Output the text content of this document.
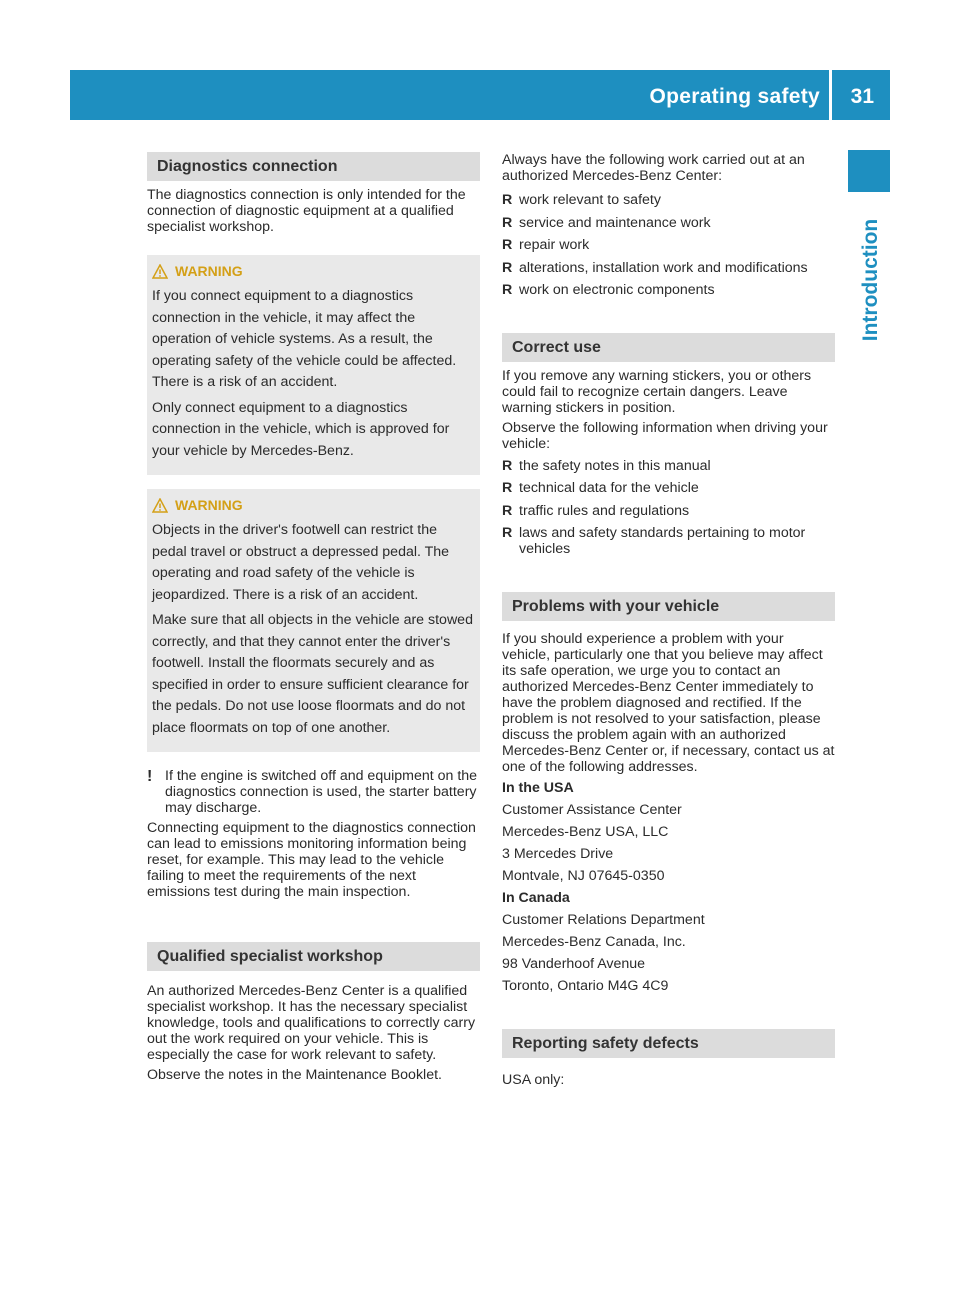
Operating safety 31
Introduction
Diagnostics connection

The diagnostics connection is only intended for the connection of diagnostic equipment at a qualified specialist workshop.

WARNING

If you connect equipment to a diagnostics connection in the vehicle, it may affect the operation of vehicle systems. As a result, the operating safety of the vehicle could be affected. There is a risk of an accident.

Only connect equipment to a diagnostics connection in the vehicle, which is approved for your vehicle by Mercedes-Benz.

WARNING

Objects in the driver's footwell can restrict the pedal travel or obstruct a depressed pedal. The operating and road safety of the vehicle is jeopardized. There is a risk of an accident.

Make sure that all objects in the vehicle are stowed correctly, and that they cannot enter the driver's footwell. Install the floormats securely and as specified in order to ensure sufficient clearance for the pedals. Do not use loose floormats and do not place floormats on top of one another.

! If the engine is switched off and equipment on the diagnostics connection is used, the starter battery may discharge.

Connecting equipment to the diagnostics connection can lead to emissions monitoring information being reset, for example. This may lead to the vehicle failing to meet the requirements of the next emissions test during the main inspection.

Qualified specialist workshop

An authorized Mercedes-Benz Center is a qualified specialist workshop. It has the necessary specialist knowledge, tools and qualifications to correctly carry out the work required on your vehicle. This is especially the case for work relevant to safety.

Observe the notes in the Maintenance Booklet.

Always have the following work carried out at an authorized Mercedes-Benz Center:

R work relevant to safety
R service and maintenance work
R repair work
R alterations, installation work and modifications
R work on electronic components
Correct use

If you remove any warning stickers, you or others could fail to recognize certain dangers. Leave warning stickers in position.

Observe the following information when driving your vehicle:

R the safety notes in this manual
R technical data for the vehicle
R traffic rules and regulations
R laws and safety standards pertaining to motor vehicles
Problems with your vehicle

If you should experience a problem with your vehicle, particularly one that you believe may affect its safe operation, we urge you to contact an authorized Mercedes-Benz Center immediately to have the problem diagnosed and rectified. If the problem is not resolved to your satisfaction, please discuss the problem again with an authorized Mercedes-Benz Center or, if necessary, contact us at one of the following addresses.

In the USA

Customer Assistance Center

Mercedes-Benz USA, LLC

3 Mercedes Drive

Montvale, NJ 07645-0350

In Canada

Customer Relations Department

Mercedes-Benz Canada, Inc.

98 Vanderhoof Avenue

Toronto, Ontario M4G 4C9

Reporting safety defects

USA only:
